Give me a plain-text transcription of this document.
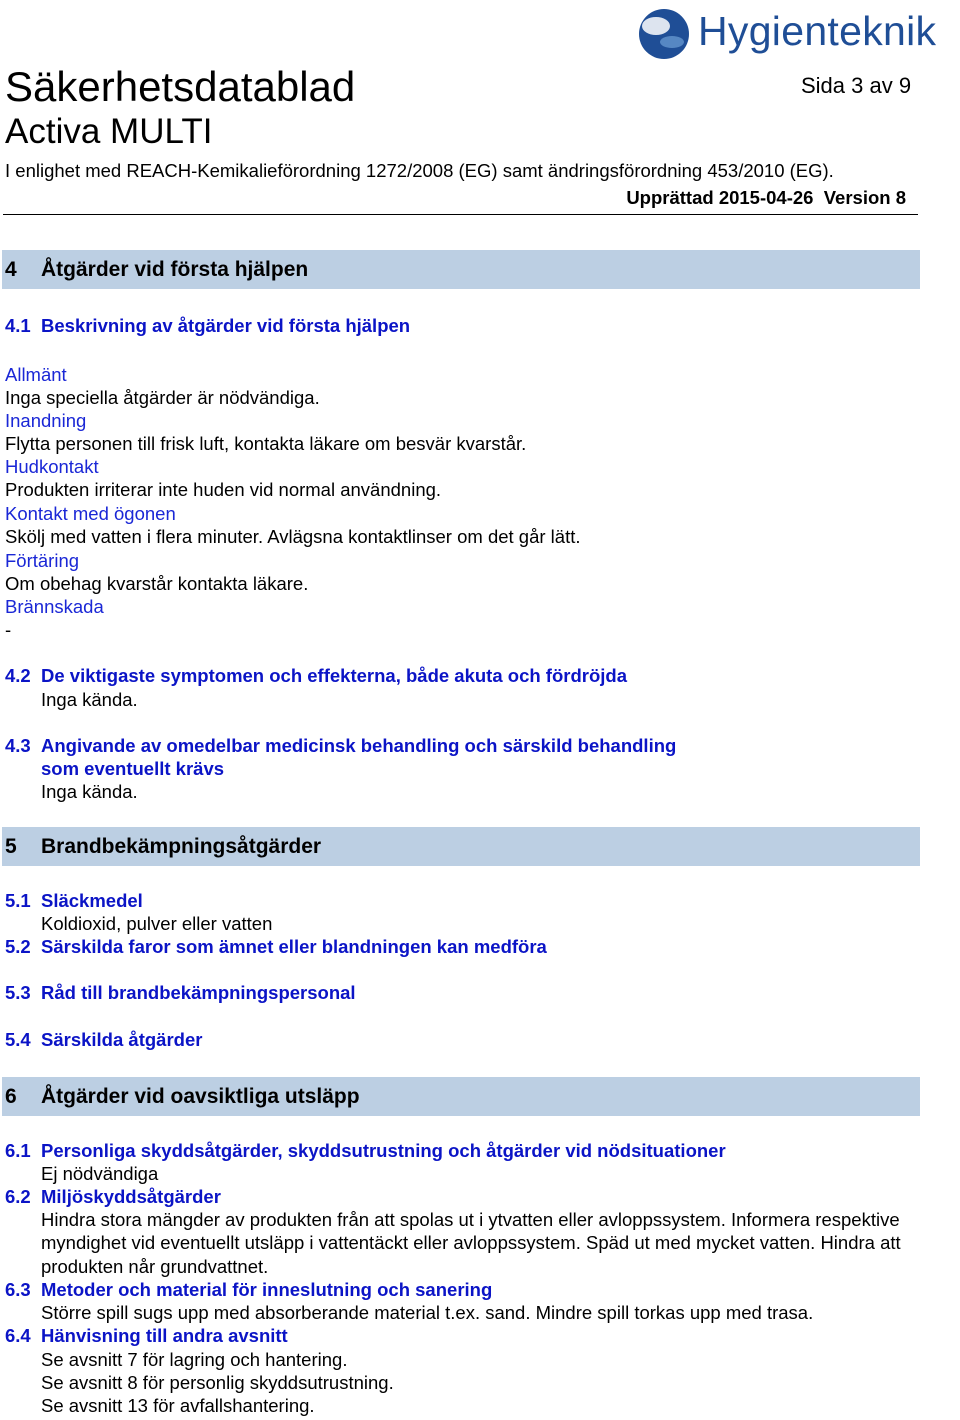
Hygienteknik
Säkerhetsdatablad
Activa MULTI
Sida 3 av 9
I enlighet med REACH-Kemikalieförordning 1272/2008 (EG) samt ändringsförordning 453/2010 (EG).
Upprättad 2015-04-26  Version 8
4 Åtgärder vid första hjälpen
4.1 Beskrivning av åtgärder vid första hjälpen
Allmänt
Inga speciella åtgärder är nödvändiga.
Inandning
Flytta personen till frisk luft, kontakta läkare om besvär kvarstår.
Hudkontakt
Produkten irriterar inte huden vid normal användning.
Kontakt med ögonen
Skölj med vatten i flera minuter. Avlägsna kontaktlinser om det går lätt.
Förtäring
Om obehag kvarstår kontakta läkare.
Brännskada
-
4.2 De viktigaste symptomen och effekterna, både akuta och fördröjda
Inga kända.
4.3 Angivande av omedelbar medicinsk behandling och särskild behandling
som eventuellt krävs
Inga kända.
5 Brandbekämpningsåtgärder
5.1 Släckmedel
Koldioxid, pulver eller vatten
5.2 Särskilda faror som ämnet eller blandningen kan medföra
5.3 Råd till brandbekämpningspersonal
5.4 Särskilda åtgärder
6 Åtgärder vid oavsiktliga utsläpp
6.1 Personliga skyddsåtgärder, skyddsutrustning och åtgärder vid nödsituationer
Ej nödvändiga
6.2 Miljöskyddsåtgärder
Hindra stora mängder av produkten från att spolas ut i ytvatten eller avloppssystem. Informera respektive myndighet vid eventuellt utsläpp i vattentäckt eller avloppssystem. Späd ut med mycket vatten. Hindra att produkten når grundvattnet.
6.3 Metoder och material för inneslutning och sanering
Större spill sugs upp med absorberande material t.ex. sand. Mindre spill torkas upp med trasa.
6.4 Hänvisning till andra avsnitt
Se avsnitt 7 för lagring och hantering.
Se avsnitt 8 för personlig skyddsutrustning.
Se avsnitt 13 för avfallshantering.
